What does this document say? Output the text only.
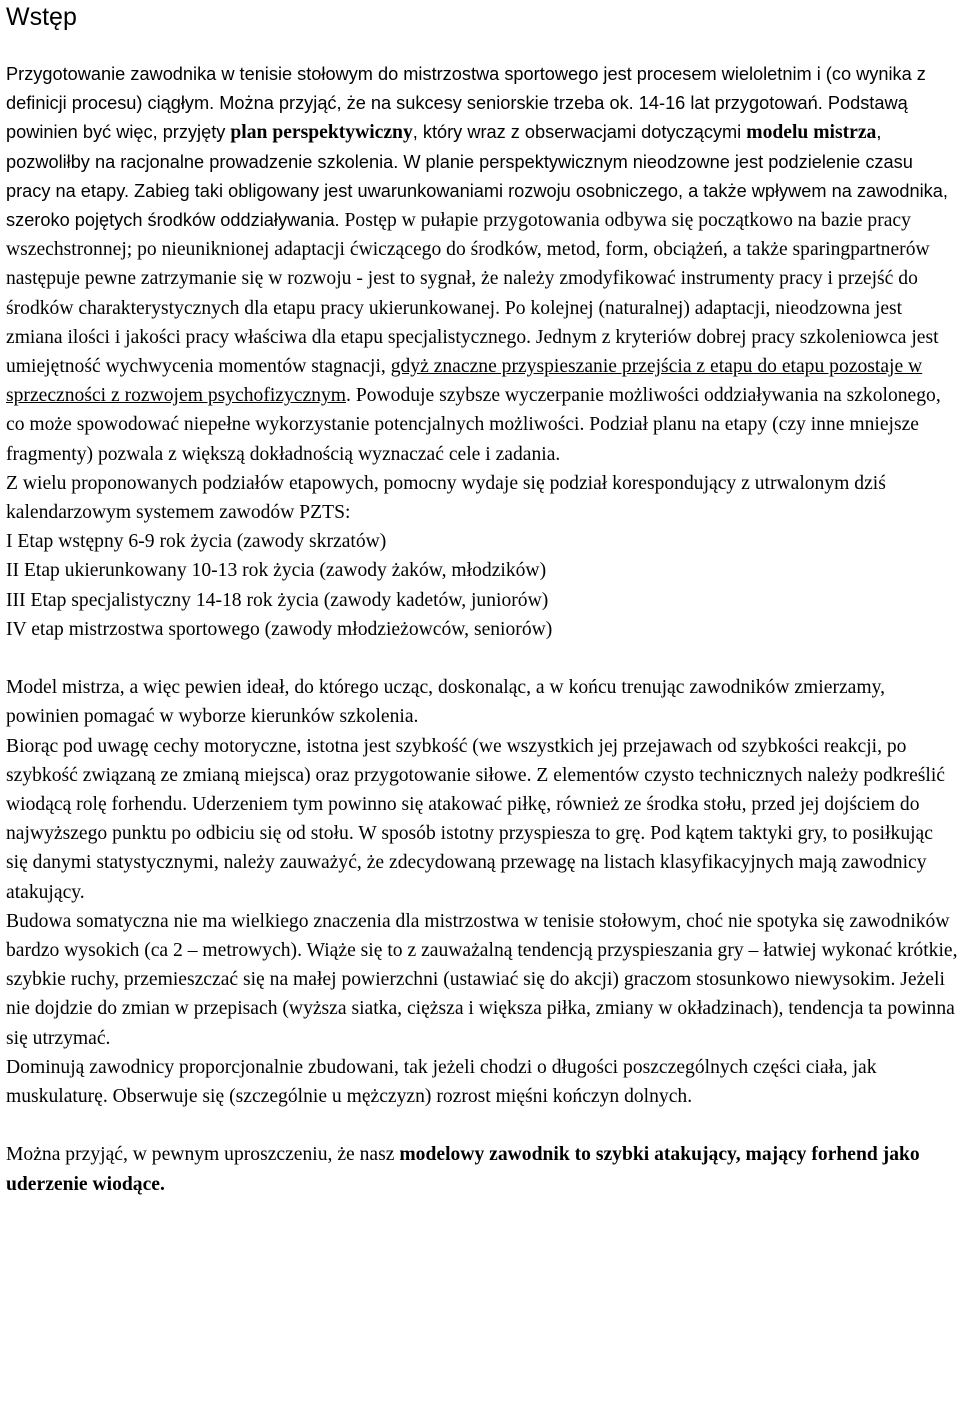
Wstęp

Przygotowanie zawodnika w tenisie stołowym do mistrzostwa sportowego jest procesem wieloletnim i (co wynika z definicji procesu) ciągłym. Można przyjąć, że na sukcesy seniorskie trzeba ok. 14-16 lat przygotowań. Podstawą powinien być więc, przyjęty plan perspektywiczny, który wraz z obserwacjami dotyczącymi modelu mistrza, pozwoliłby na racjonalne prowadzenie szkolenia. W planie perspektywicznym nieodzowne jest podzielenie czasu pracy na etapy. Zabieg taki obligowany jest uwarunkowaniami rozwoju osobniczego, a także wpływem na zawodnika, szeroko pojętych środków oddziaływania. Postęp w pułapie przygotowania odbywa się początkowo na bazie pracy wszechstronnej; po nieuniknionej adaptacji ćwiczącego do środków, metod, form, obciążeń, a także sparingpartnerów następuje pewne zatrzymanie się w rozwoju - jest to sygnał, że należy zmodyfikować instrumenty pracy i przejść do środków charakterystycznych dla etapu pracy ukierunkowanej. Po kolejnej (naturalnej) adaptacji, nieodzowna jest zmiana ilości i jakości pracy właściwa dla etapu specjalistycznego. Jednym z kryteriów dobrej pracy szkoleniowca jest umiejętność wychwycenia momentów stagnacji, gdyż znaczne przyspieszanie przejścia z etapu do etapu pozostaje w sprzeczności z rozwojem psychofizycznym. Powoduje szybsze wyczerpanie możliwości oddziaływania na szkolonego, co może spowodować niepełne wykorzystanie potencjalnych możliwości. Podział planu na etapy (czy inne mniejsze fragmenty) pozwala z większą dokładnością wyznaczać cele i zadania.

Z wielu proponowanych podziałów etapowych, pomocny wydaje się podział korespondujący z utrwalonym dziś kalendarzowym systemem zawodów PZTS:

I Etap wstępny 6-9 rok życia (zawody skrzatów)
II Etap ukierunkowany 10-13 rok życia (zawody żaków, młodzików)
III Etap specjalistyczny 14-18 rok życia (zawody kadetów, juniorów)
IV etap mistrzostwa sportowego (zawody młodzieżowców, seniorów)

Model mistrza, a więc pewien ideał, do którego ucząc, doskonaląc, a w końcu trenując zawodników zmierzamy, powinien pomagać w wyborze kierunków szkolenia.

Biorąc pod uwagę cechy motoryczne, istotna jest szybkość (we wszystkich jej przejawach od szybkości reakcji, po szybkość związaną ze zmianą miejsca) oraz przygotowanie siłowe. Z elementów czysto technicznych należy podkreślić wiodącą rolę forhendu. Uderzeniem tym powinno się atakować piłkę, również ze środka stołu, przed jej dojściem do najwyższego punktu po odbiciu się od stołu. W sposób istotny przyspiesza to grę. Pod kątem taktyki gry, to posiłkując się danymi statystycznymi, należy zauważyć, że zdecydowaną przewagę na listach klasyfikacyjnych mają zawodnicy atakujący.

Budowa somatyczna nie ma wielkiego znaczenia dla mistrzostwa w tenisie stołowym, choć nie spotyka się zawodników bardzo wysokich (ca 2 – metrowych). Wiąże się to z zauważalną tendencją przyspieszania gry – łatwiej wykonać krótkie, szybkie ruchy, przemieszczać się na małej powierzchni (ustawiać się do akcji) graczom stosunkowo niewysokim. Jeżeli nie dojdzie do zmian w przepisach (wyższa siatka, cięższa i większa piłka, zmiany w okładzinach), tendencja ta powinna się utrzymać.

Dominują zawodnicy proporcjonalnie zbudowani, tak jeżeli chodzi o długości poszczególnych części ciała, jak muskulaturę. Obserwuje się (szczególnie u mężczyzn) rozrost mięśni kończyn dolnych.

Można przyjąć, w pewnym uproszczeniu, że nasz modelowy zawodnik to szybki atakujący, mający forhend jako uderzenie wiodące.
